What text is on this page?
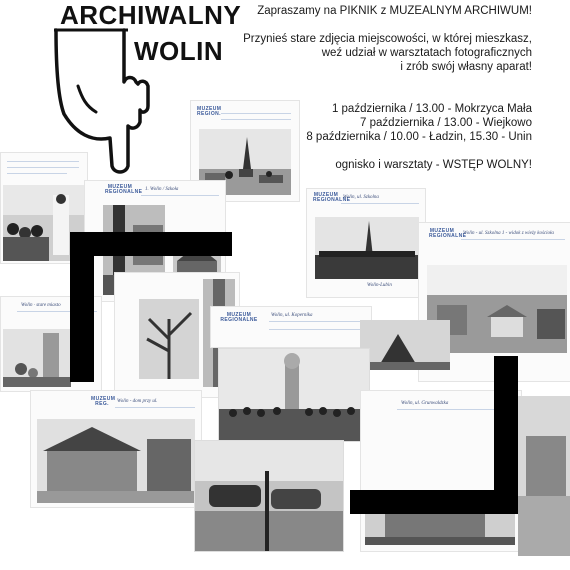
MUZEUM
REGION.
MUZEUM
REGIONALNE 1. Wolin / Szkoła
MUZEUM
REGIONALNE
Wolin, ul. Szkolna
Wolin-Lubin
MUZEUM
REGIONALNE
Wolin - ul. Szkolna 1 - widok z wieży kościoła
Wolin · stare miasto
MUZEUM
REGIONALNE
Wolin, ul. Kopernika
MUZEUM
REG.	Wolin - dom przy ul.	Wolin, ul. Grunwaldzka
ARCHIWALNY
WOLIN

Zapraszamy na PIKNIK z MUZEALNYM ARCHIWUM!

Przynieś stare zdjęcia miejscowości, w której mieszkasz,

weź udział w warsztatach fotograficznych

i zrób swój własny aparat!

1 października / 13.00 - Mokrzyca Mała

7 października / 13.00 - Wiejkowo

8 października / 10.00 - Ładzin, 15.30 - Unin

ognisko i warsztaty - WSTĘP WOLNY!
